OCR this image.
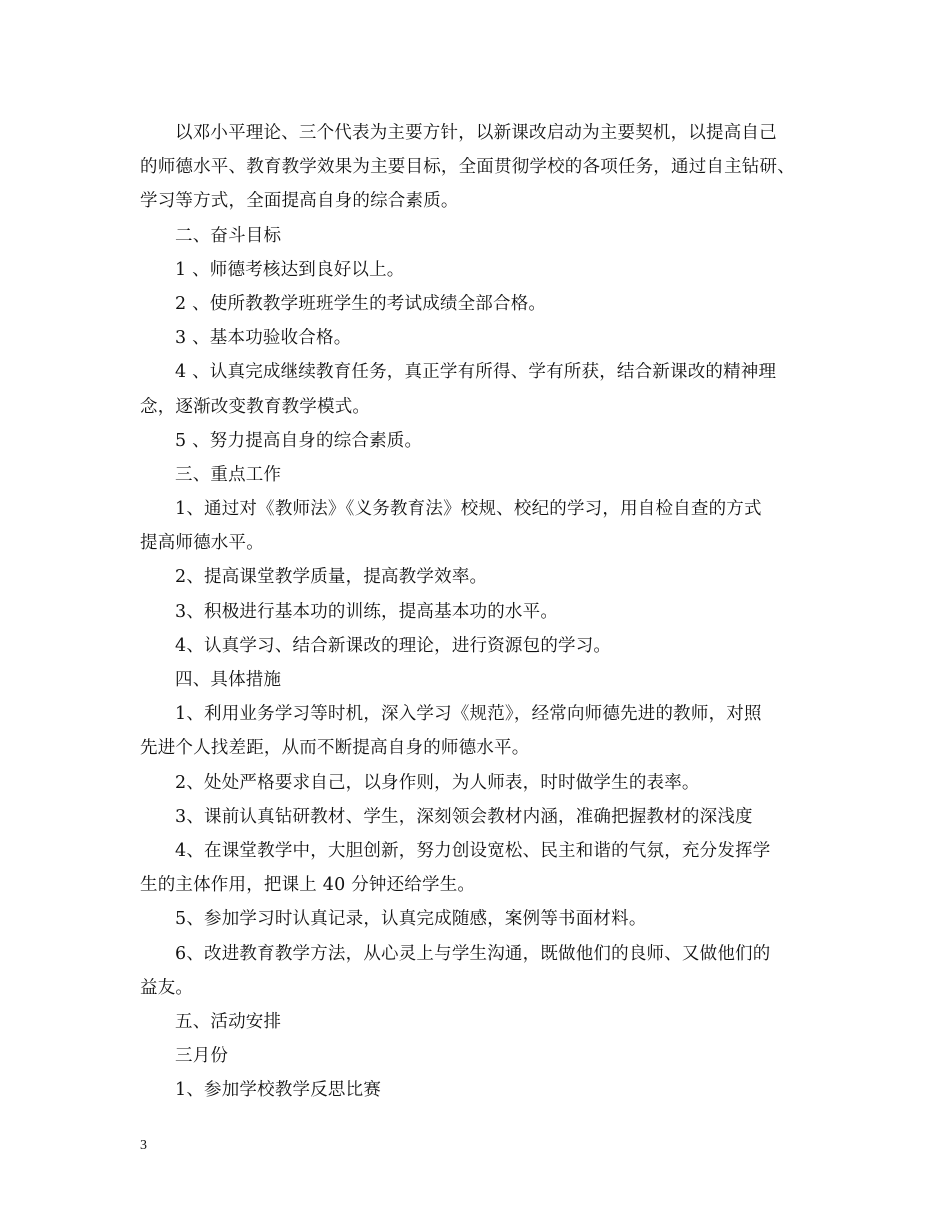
以邓小平理论、三个代表为主要方针，以新课改启动为主要契机，以提高自己
的师德水平、教育教学效果为主要目标，全面贯彻学校的各项任务，通过自主钻研、
学习等方式，全面提高自身的综合素质。
二、奋斗目标
1 、师德考核达到良好以上。
2 、使所教教学班班学生的考试成绩全部合格。
3 、基本功验收合格。
4 、认真完成继续教育任务，真正学有所得、学有所获，结合新课改的精神理
念，逐渐改变教育教学模式。
5 、努力提高自身的综合素质。
三、重点工作
1、通过对《教师法》《义务教育法》校规、校纪的学习，用自检自查的方式
提高师德水平。
2、提高课堂教学质量，提高教学效率。
3、积极进行基本功的训练，提高基本功的水平。
4、认真学习、结合新课改的理论，进行资源包的学习。
四、具体措施
1、利用业务学习等时机，深入学习《规范》，经常向师德先进的教师，对照
先进个人找差距，从而不断提高自身的师德水平。
2、处处严格要求自己，以身作则，为人师表，时时做学生的表率。
3、课前认真钻研教材、学生，深刻领会教材内涵，准确把握教材的深浅度
4、在课堂教学中，大胆创新，努力创设宽松、民主和谐的气氛，充分发挥学
生的主体作用，把课上 40 分钟还给学生。
5、参加学习时认真记录，认真完成随感，案例等书面材料。
6、改进教育教学方法，从心灵上与学生沟通，既做他们的良师、又做他们的
益友。
五、活动安排
三月份
1、参加学校教学反思比赛
3
